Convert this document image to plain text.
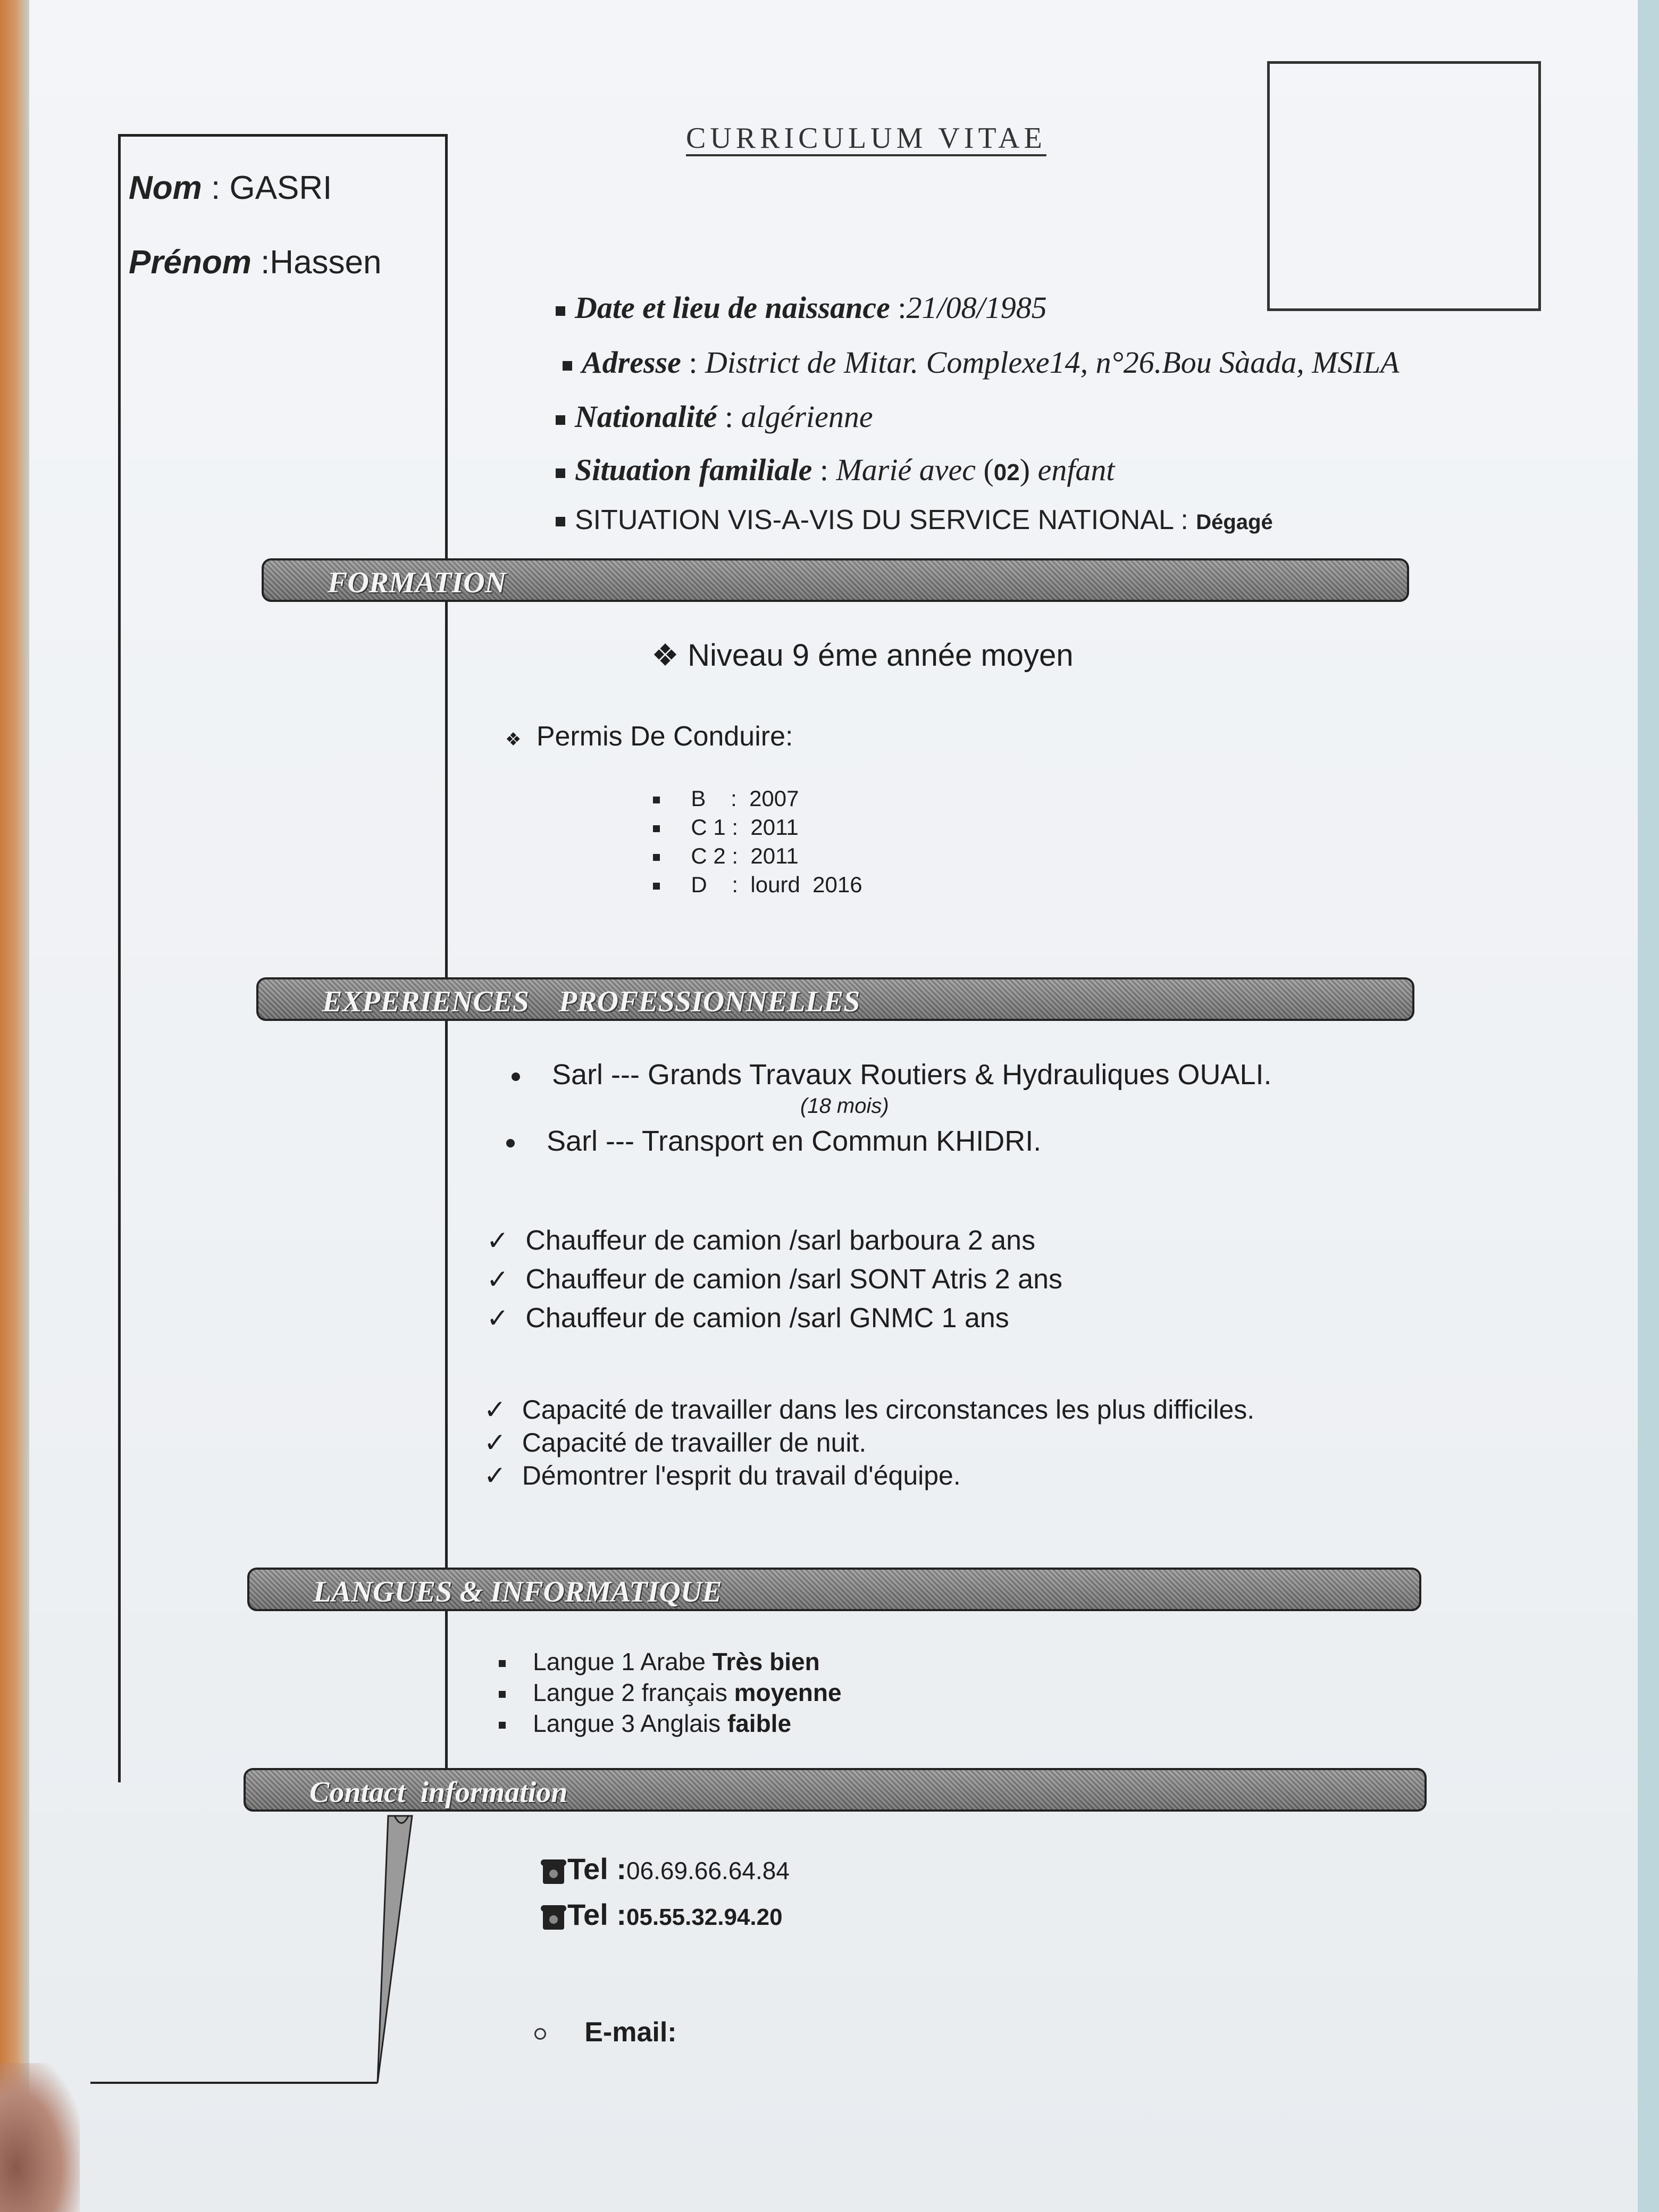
CURRICULUM VITAE
Nom : GASRI
Prénom :Hassen
Date et lieu de naissance :21/08/1985
Adresse : District de Mitar. Complexe14, n°26.Bou Sàada, MSILA
Nationalité : algérienne
Situation familiale : Marié avec (02) enfant
SITUATION VIS-A-VIS DU SERVICE NATIONAL : Dégagé
FORMATION
❖ Niveau 9 éme année moyen
❖   Permis De Conduire:
B : 2007
C 1 : 2011
C 2 : 2011
D : lourd  2016
EXPERIENCES    PROFESSIONNELLES
Sarl --- Grands Travaux Routiers & Hydrauliques OUALI.
(18 mois)
Sarl --- Transport en Commun KHIDRI.
✓ Chauffeur de camion /sarl barboura 2 ans
✓ Chauffeur de camion /sarl SONT Atris 2 ans
✓ Chauffeur de camion /sarl GNMC 1 ans
✓ Capacité de travailler dans les circonstances les plus difficiles.
✓ Capacité de travailler de nuit.
✓ Démontrer l'esprit du travail d'équipe.
LANGUES & INFORMATIQUE
Langue 1 Arabe Très bien
Langue 2 français moyenne
Langue 3 Anglais faible
Contact  information
Tel :06.69.66.64.84
Tel :05.55.32.94.20
E-mail:
